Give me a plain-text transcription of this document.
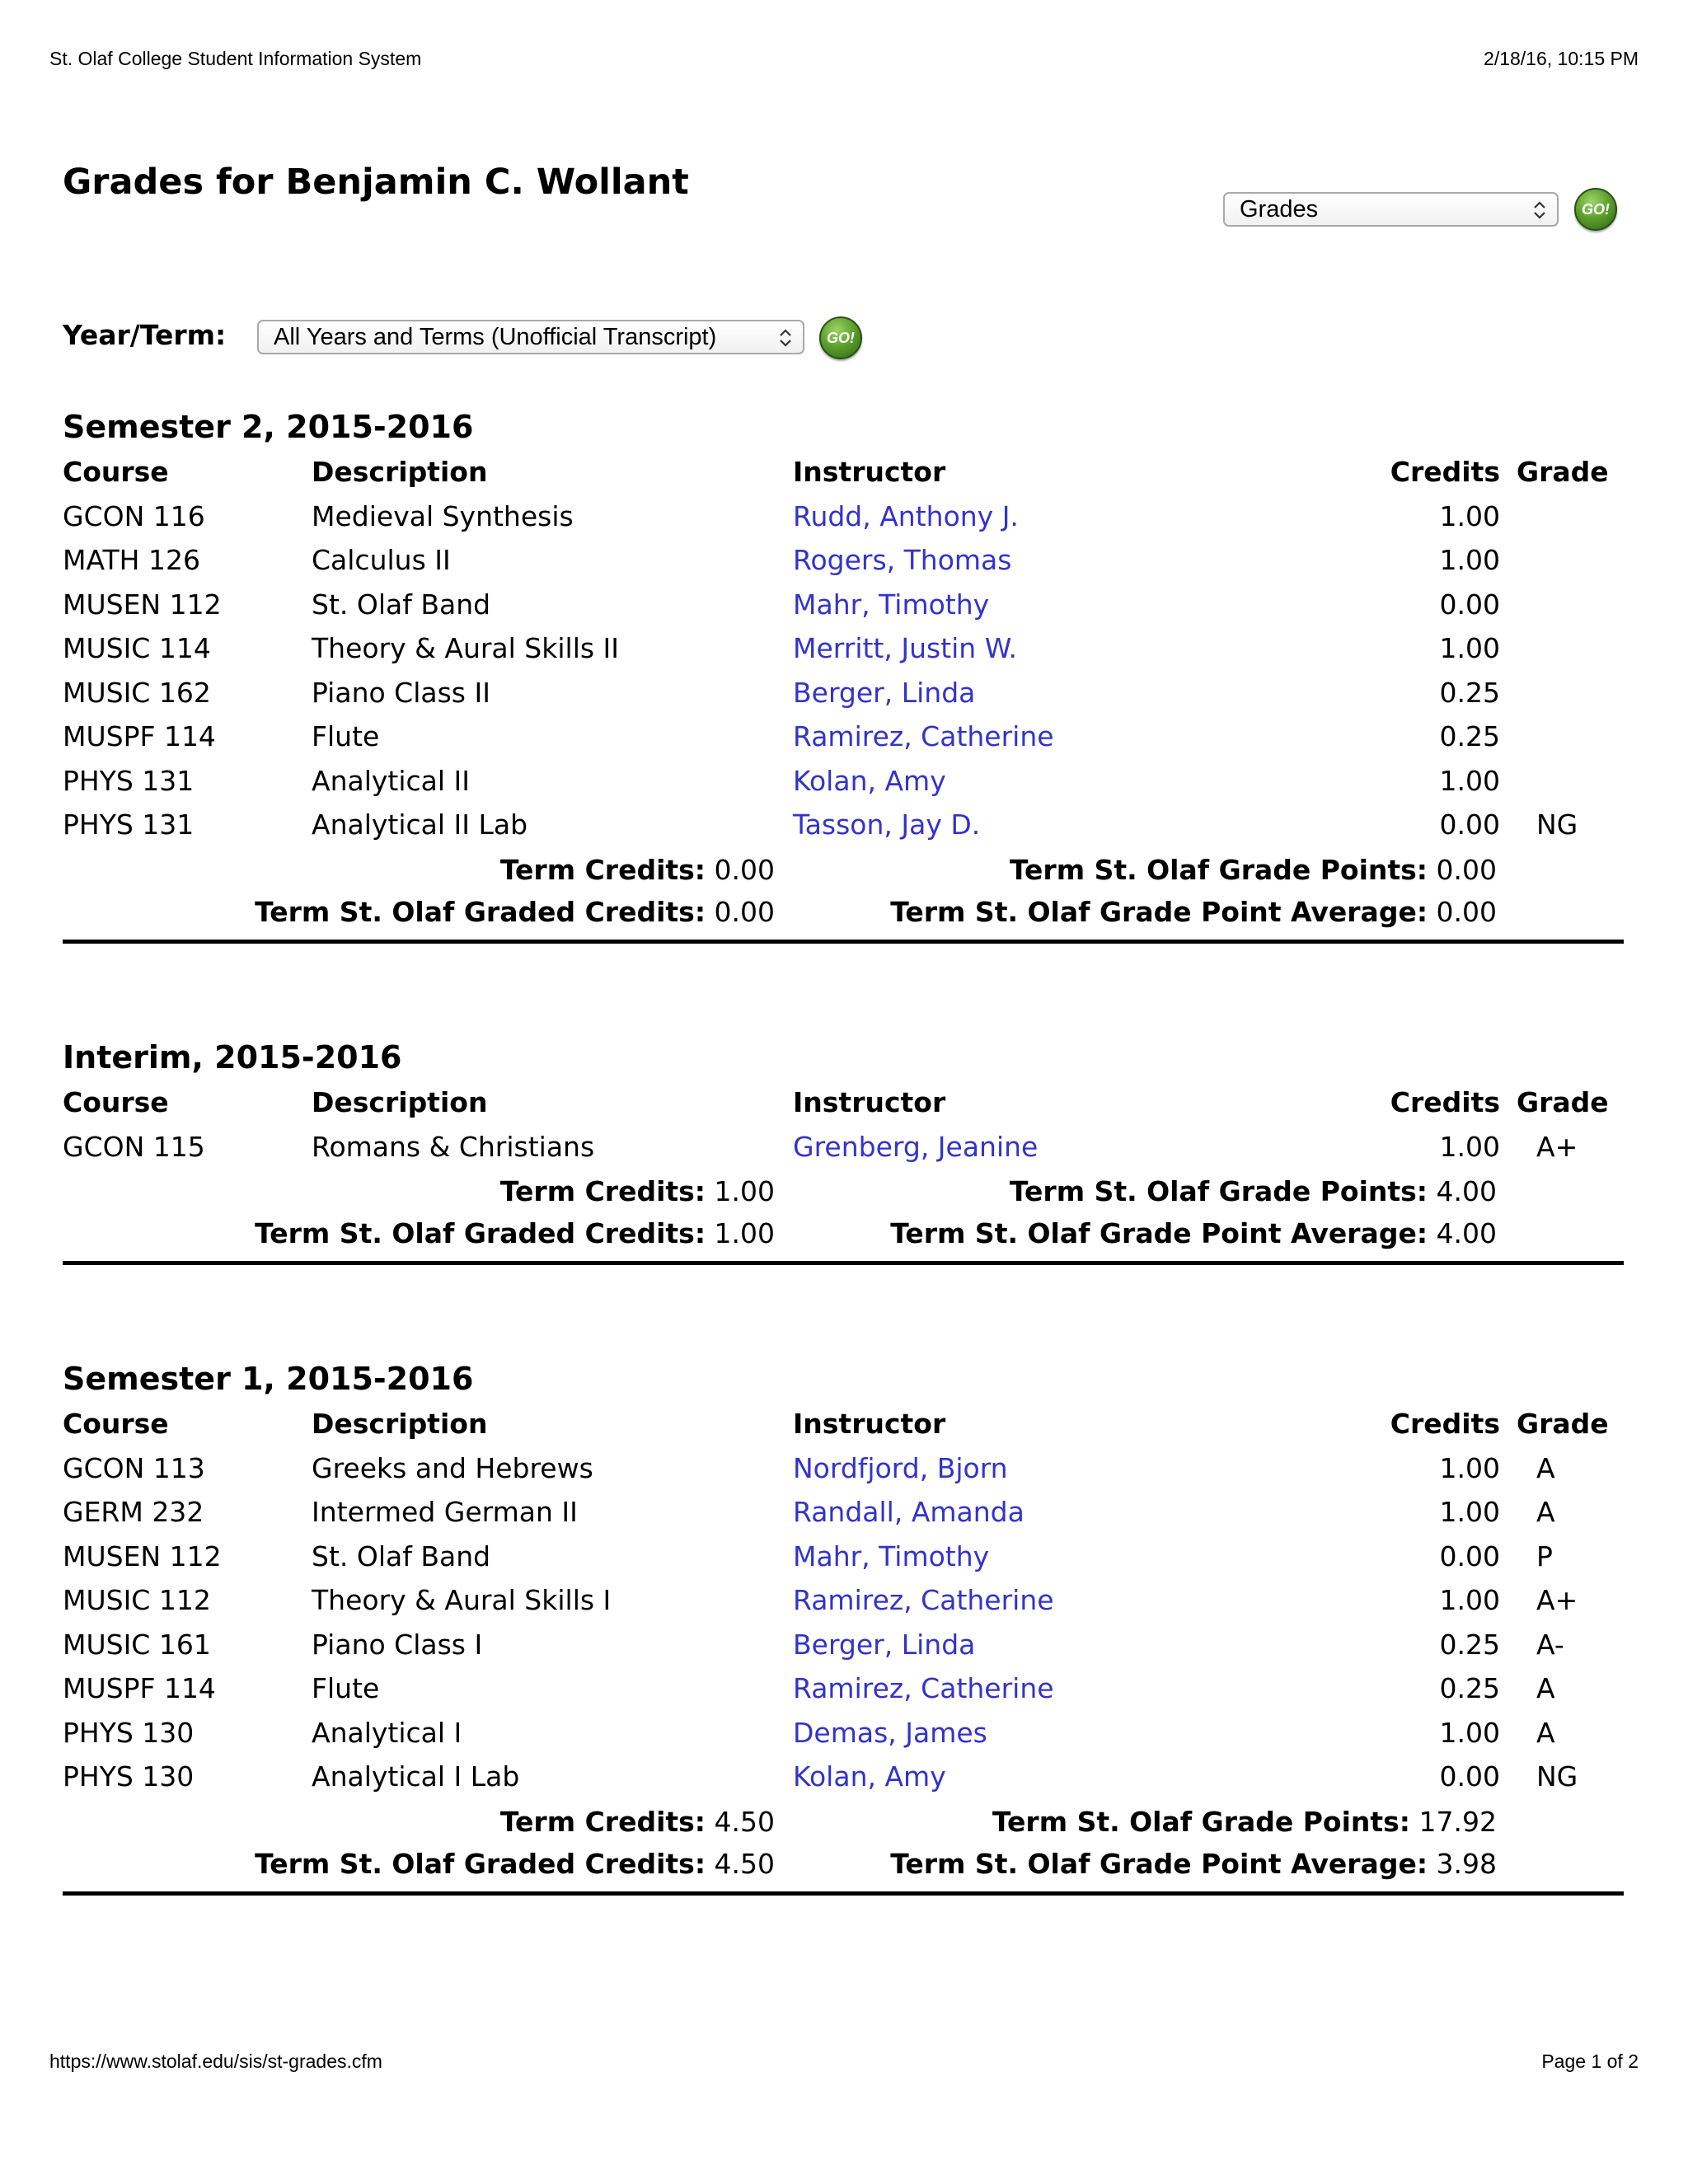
St. Olaf College Student Information System	2/18/16, 10:15 PM
Grades for Benjamin C. Wollant
Grades	GO!
Year/Term: All Years and Terms (Unofficial Transcript)	GO!
Semester 2, 2015-2016
Course	Description	Instructor	Credits Grade
GCON 116	Medieval Synthesis	Rudd, Anthony J.	1.00
MATH 126	Calculus II	Rogers, Thomas	1.00
MUSEN 112	St. Olaf Band	Mahr, Timothy	0.00
MUSIC 114	Theory & Aural Skills II	Merritt, Justin W.	1.00
MUSIC 162	Piano Class II	Berger, Linda	0.25
MUSPF 114	Flute	Ramirez, Catherine	0.25
PHYS 131	Analytical II	Kolan, Amy	1.00
PHYS 131	Analytical II Lab	Tasson, Jay D.	0.00 NG
Term Credits: 0.00
Term St. Olaf Graded Credits: 0.00
Term St. Olaf Grade Points: 0.00
Term St. Olaf Grade Point Average: 0.00
Interim, 2015-2016
Course	Description	Instructor	Credits Grade
GCON 115	Romans & Christians	Grenberg, Jeanine	1.00 A+
Term Credits: 1.00
Term St. Olaf Graded Credits: 1.00
Term St. Olaf Grade Points: 4.00
Term St. Olaf Grade Point Average: 4.00
Semester 1, 2015-2016
Course	Description	Instructor	Credits Grade
GCON 113	Greeks and Hebrews	Nordfjord, Bjorn	1.00 A
GERM 232	Intermed German II	Randall, Amanda	1.00 A
MUSEN 112	St. Olaf Band	Mahr, Timothy	0.00 P
MUSIC 112	Theory & Aural Skills I	Ramirez, Catherine	1.00 A+
MUSIC 161	Piano Class I	Berger, Linda	0.25 A-
MUSPF 114	Flute	Ramirez, Catherine	0.25 A
PHYS 130	Analytical I	Demas, James	1.00 A
PHYS 130	Analytical I Lab	Kolan, Amy	0.00 NG
Term Credits: 4.50
Term St. Olaf Graded Credits: 4.50
Term St. Olaf Grade Points: 17.92
Term St. Olaf Grade Point Average: 3.98
https://www.stolaf.edu/sis/st-grades.cfm	Page 1 of 2
